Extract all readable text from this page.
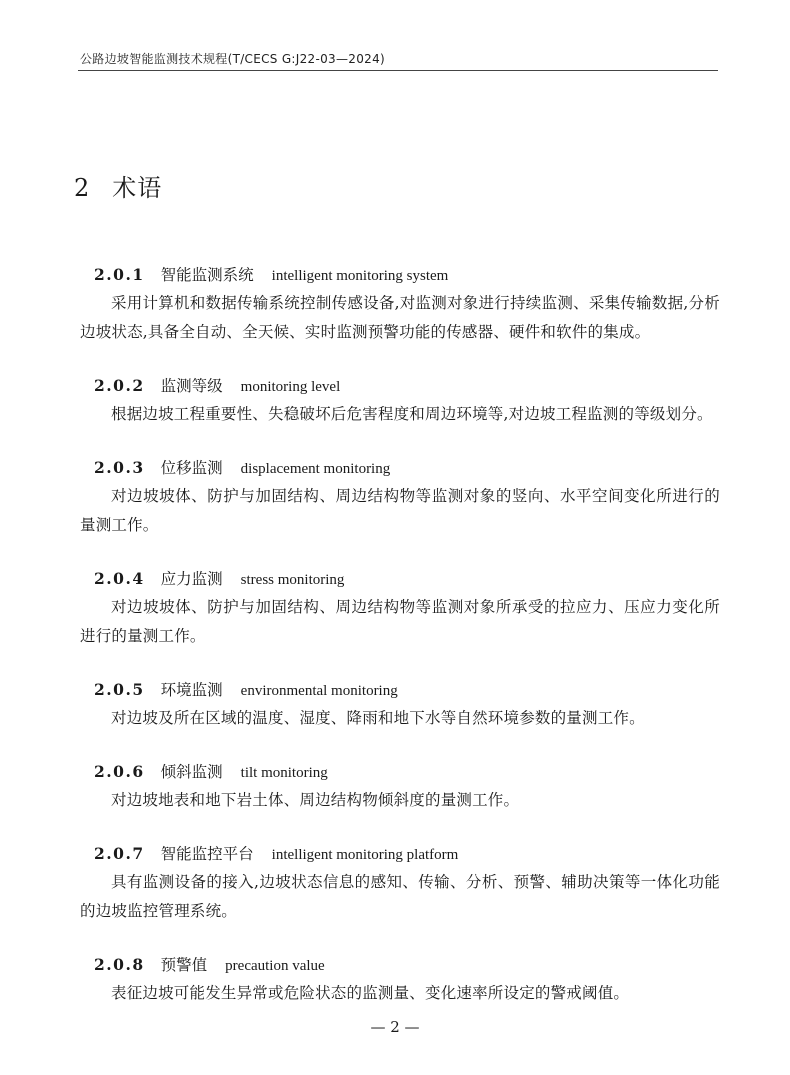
公路边坡智能监测技术规程(T/CECS G:J22-03—2024)
2 术语
2.0.1 智能监测系统 intelligent monitoring system

采用计算机和数据传输系统控制传感设备,对监测对象进行持续监测、采集传输数据,分析边坡状态,具备全自动、全天候、实时监测预警功能的传感器、硬件和软件的集成。

2.0.2 监测等级 monitoring level

根据边坡工程重要性、失稳破坏后危害程度和周边环境等,对边坡工程监测的等级划分。

2.0.3 位移监测 displacement monitoring

对边坡坡体、防护与加固结构、周边结构物等监测对象的竖向、水平空间变化所进行的量测工作。

2.0.4 应力监测 stress monitoring

对边坡坡体、防护与加固结构、周边结构物等监测对象所承受的拉应力、压应力变化所进行的量测工作。

2.0.5 环境监测 environmental monitoring

对边坡及所在区域的温度、湿度、降雨和地下水等自然环境参数的量测工作。

2.0.6 倾斜监测 tilt monitoring

对边坡地表和地下岩土体、周边结构物倾斜度的量测工作。

2.0.7 智能监控平台 intelligent monitoring platform

具有监测设备的接入,边坡状态信息的感知、传输、分析、预警、辅助决策等一体化功能的边坡监控管理系统。

2.0.8 预警值 precaution value

表征边坡可能发生异常或危险状态的监测量、变化速率所设定的警戒阈值。

— 2 —
